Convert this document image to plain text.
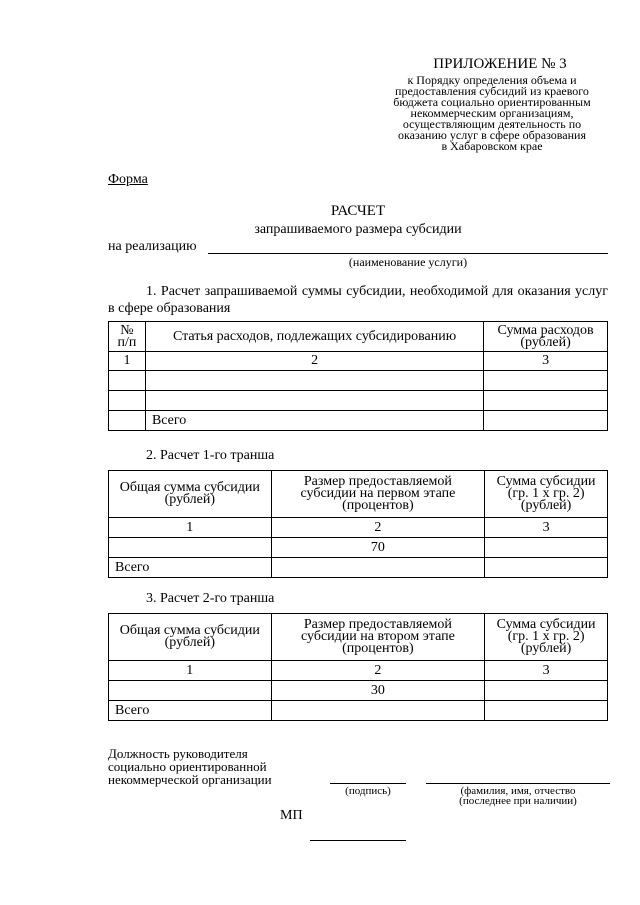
ПРИЛОЖЕНИЕ № 3
к Порядку определения объема и
предоставления субсидий из краевого
бюджета социально ориентированным
некоммерческим организациям,
осуществляющим деятельность по
оказанию услуг в сфере образования
в Хабаровском крае
Форма
РАСЧЕТ
запрашиваемого размера субсидии
на реализацию
(наименование услуги)
1. Расчет запрашиваемой суммы субсидии, необходимой для оказания услуг в сфере образования
№ п/п	Статья расходов, подлежащих субсидированию	Сумма расходов (рублей)
1	2	3

	Всего	
2. Расчет 1-го транша
Общая сумма субсидии (рублей)	Размер предоставляемой субсидии на первом этапе (процентов)	Сумма субсидии (гр. 1 х гр. 2) (рублей)
1	2	3
	70	
Всего		
3. Расчет 2-го транша
Общая сумма субсидии (рублей)	Размер предоставляемой субсидии на втором этапе (процентов)	Сумма субсидии (гр. 1 х гр. 2) (рублей)
1	2	3
	30	
Всего		
Должность руководителя
социально ориентированной
некоммерческой организации
(подпись)	(фамилия, имя, отчество
(последнее при наличии)
МП
